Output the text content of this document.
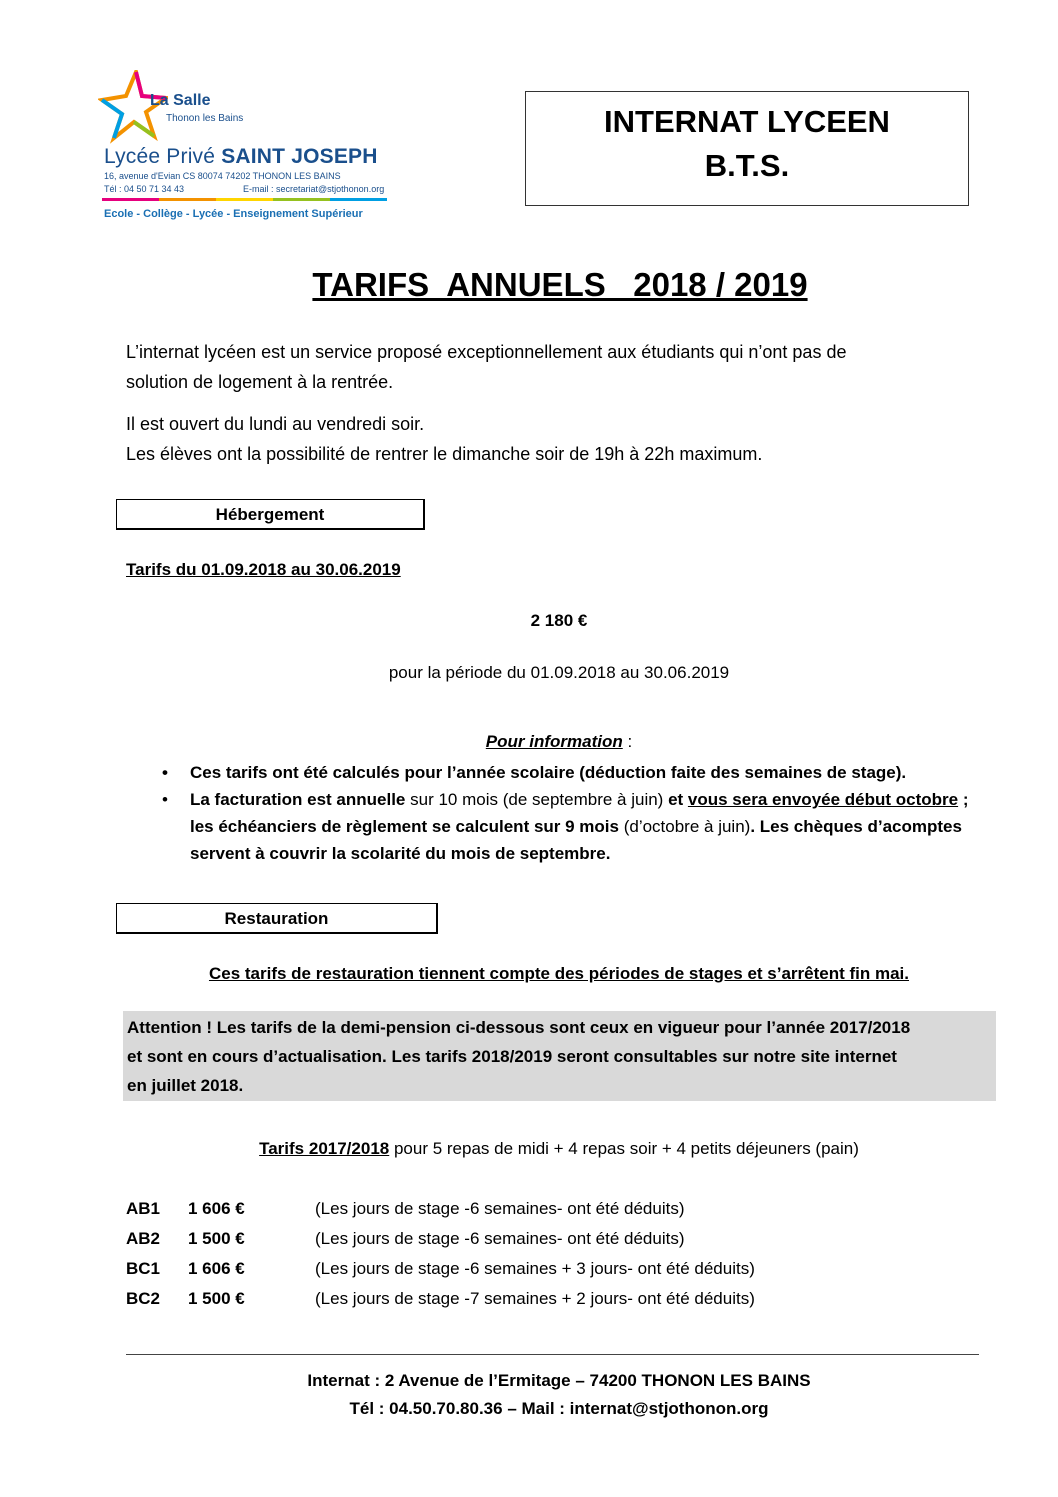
La Salle
Thonon les Bains
Lycée Privé SAINT JOSEPH
16, avenue d'Evian CS 80074 74202 THONON LES BAINS
Tél : 04 50 71 34 43	E-mail : secretariat@stjothonon.org
Ecole - Collège - Lycée - Enseignement Supérieur
INTERNAT LYCEEN
B.T.S.
TARIFS  ANNUELS   2018 / 2019
L’internat lycéen est un service proposé exceptionnellement aux étudiants qui n’ont pas de
solution de logement à la rentrée.
Il est ouvert du lundi au vendredi soir.
Les élèves ont la possibilité de rentrer le dimanche soir de 19h à 22h maximum.
Hébergement
Tarifs du 01.09.2018 au 30.06.2019
2 180 €
pour la période du 01.09.2018 au 30.06.2019
Pour information :
• Ces tarifs ont été calculés pour l’année scolaire (déduction faite des semaines de stage).
• La facturation est annuelle sur 10 mois (de septembre à juin) et vous sera envoyée début octobre ; les échéanciers de règlement se calculent sur 9 mois (d’octobre à juin). Les chèques d’acomptes servent à couvrir la scolarité du mois de septembre.
Restauration
Ces tarifs de restauration tiennent compte des périodes de stages et s’arrêtent fin mai.
Attention ! Les tarifs de la demi-pension ci-dessous sont ceux en vigueur pour l’année 2017/2018
et sont en cours d’actualisation. Les tarifs 2018/2019 seront consultables sur notre site internet
en juillet 2018.
Tarifs 2017/2018 pour 5 repas de midi + 4 repas soir + 4 petits déjeuners (pain)
AB1 1 606 €	(Les jours de stage -6 semaines- ont été déduits)
AB2 1 500 €	(Les jours de stage -6 semaines- ont été déduits)
BC1 1 606 €	(Les jours de stage -6 semaines + 3 jours- ont été déduits)
BC2 1 500 €	(Les jours de stage -7 semaines + 2 jours- ont été déduits)
Internat : 2 Avenue de l’Ermitage – 74200 THONON LES BAINS
Tél : 04.50.70.80.36 – Mail : internat@stjothonon.org
